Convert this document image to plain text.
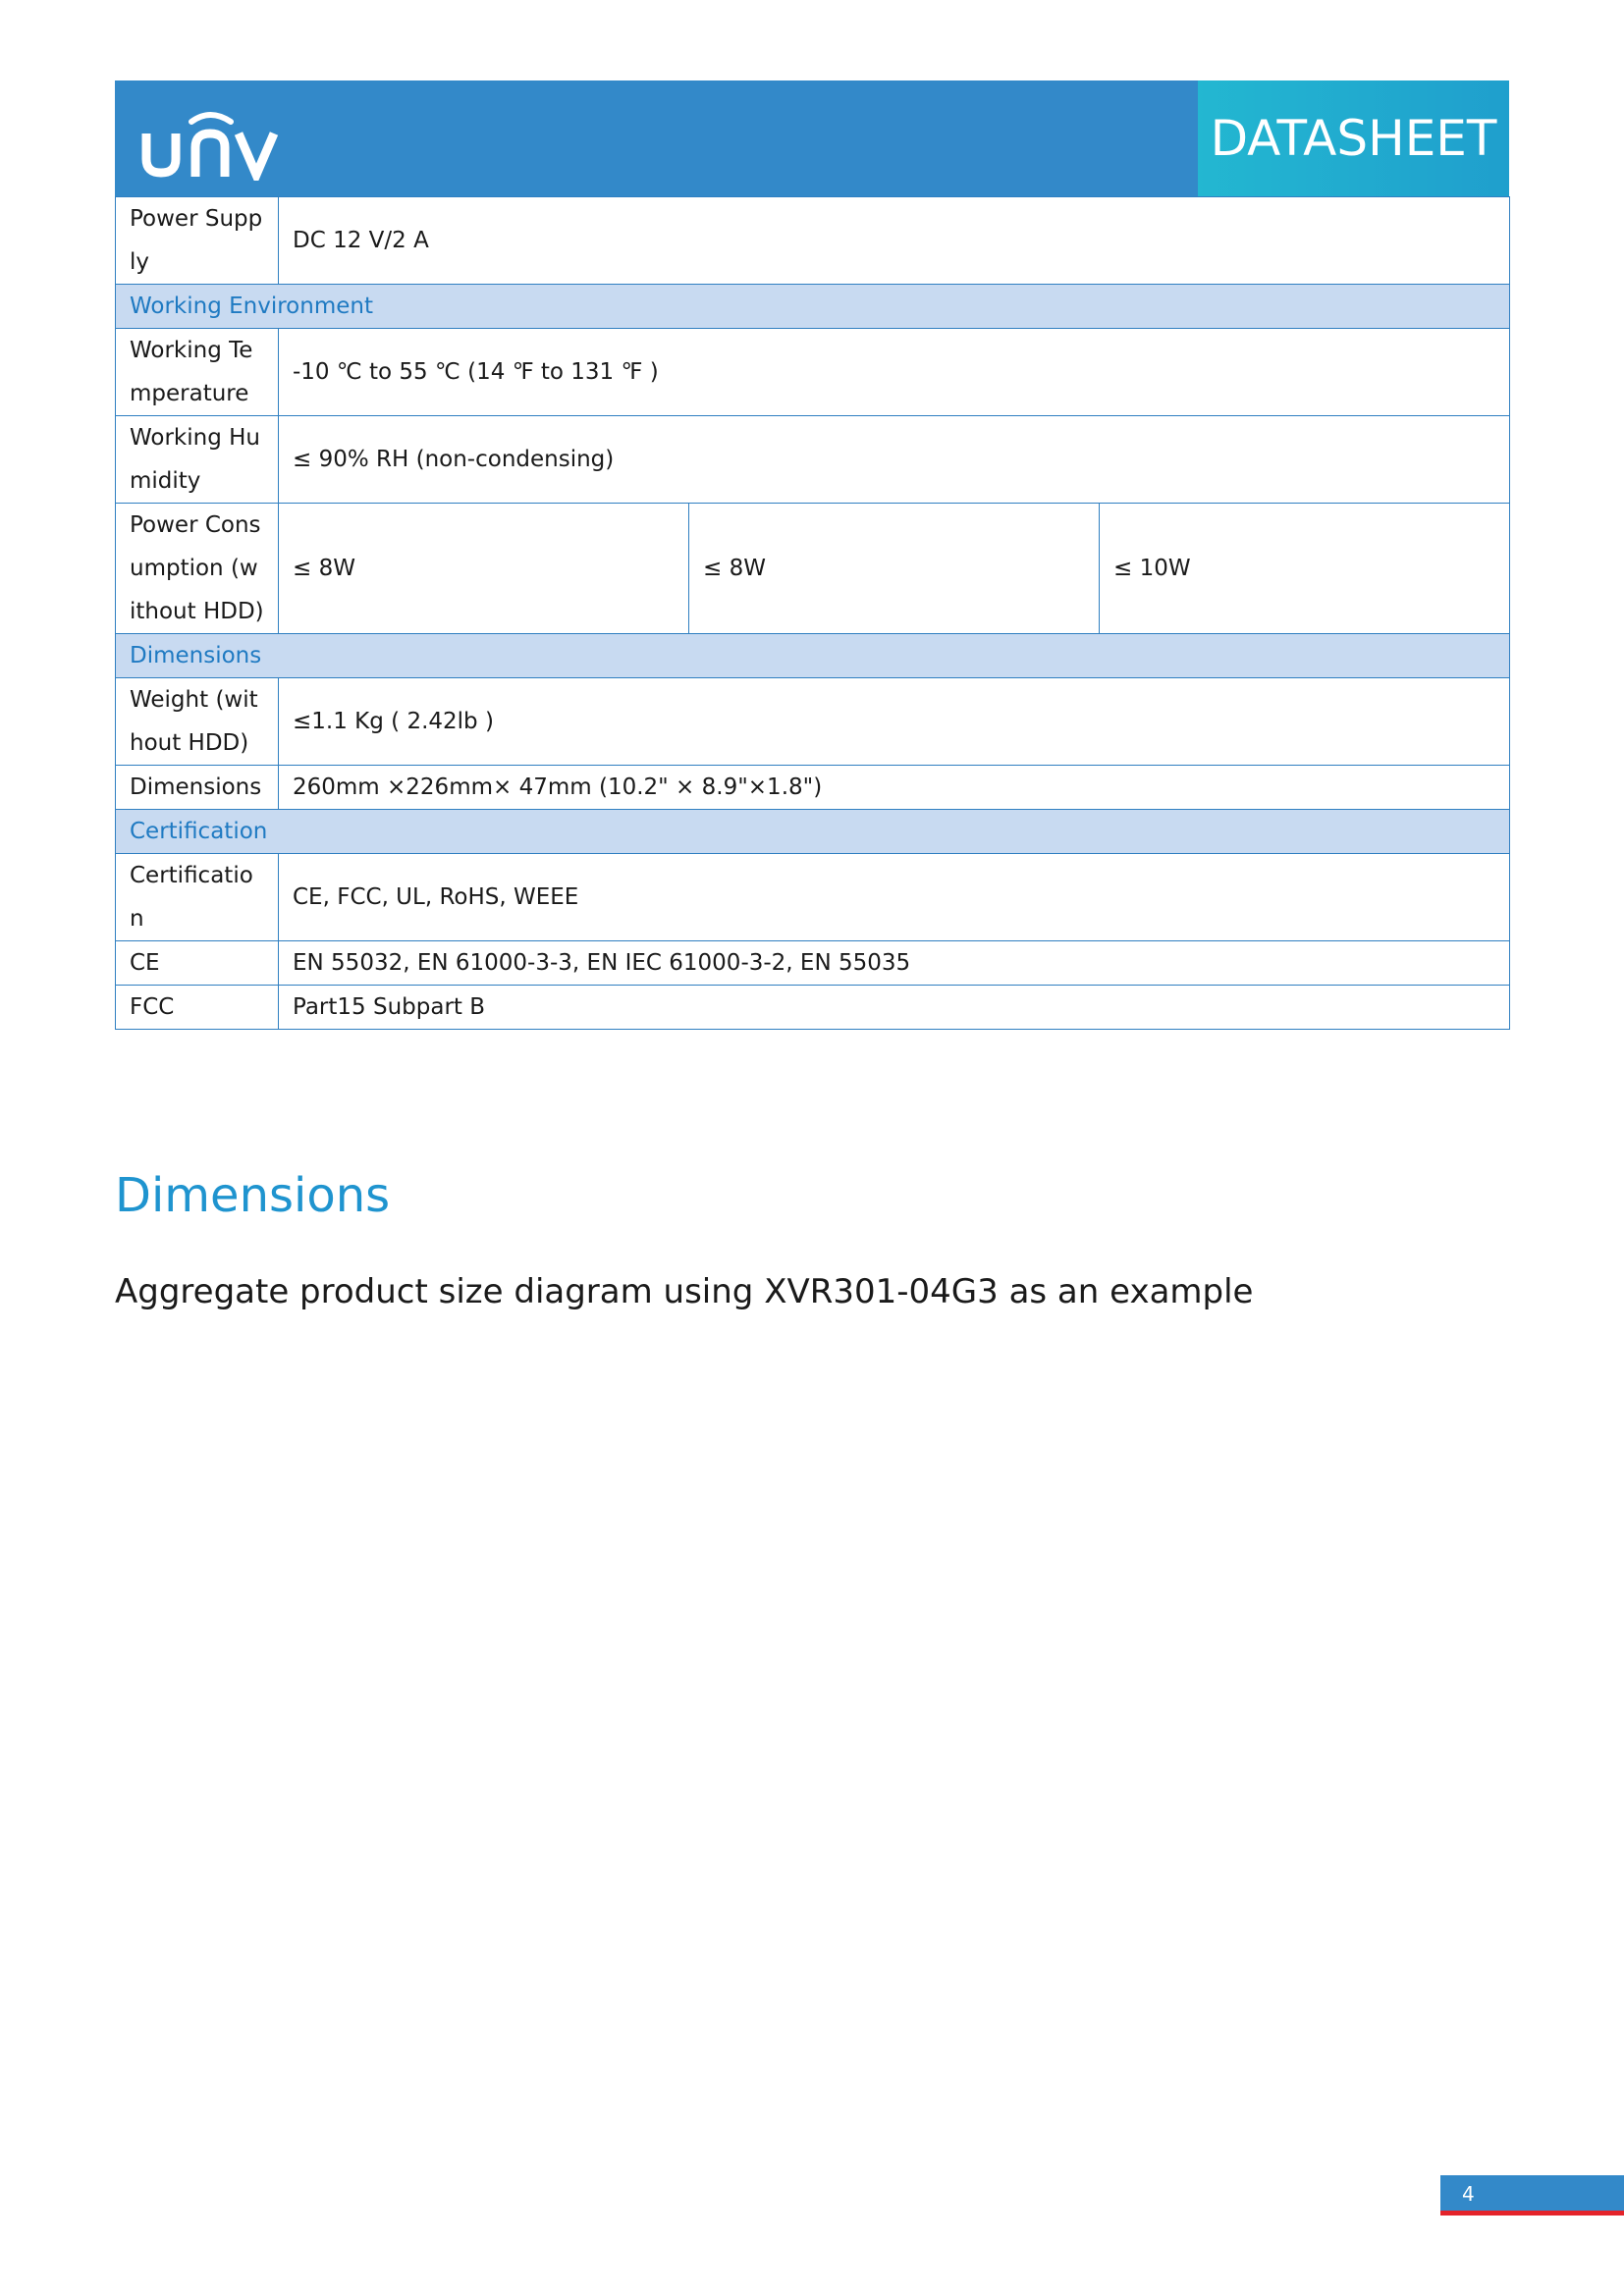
DATASHEET
Power Supply	DC 12 V/2 A		
Working Environment			
Working Temperature	-10 ℃ to 55 ℃ (14 ℉ to 131 ℉ )		
Working Humidity	≤ 90% RH (non-condensing)		
Power Consumption (without HDD)	≤ 8W	≤ 8W	≤ 10W
Dimensions			
Weight (without HDD)	≤1.1 Kg ( 2.42lb )		
Dimensions	260mm ×226mm× 47mm (10.2" × 8.9"×1.8")		
Certification			
Certification	CE, FCC, UL, RoHS, WEEE		
CE	EN 55032, EN 61000-3-3, EN IEC 61000-3-2, EN 55035		
FCC	Part15 Subpart B		
Dimensions
Aggregate product size diagram using XVR301-04G3 as an example
4
